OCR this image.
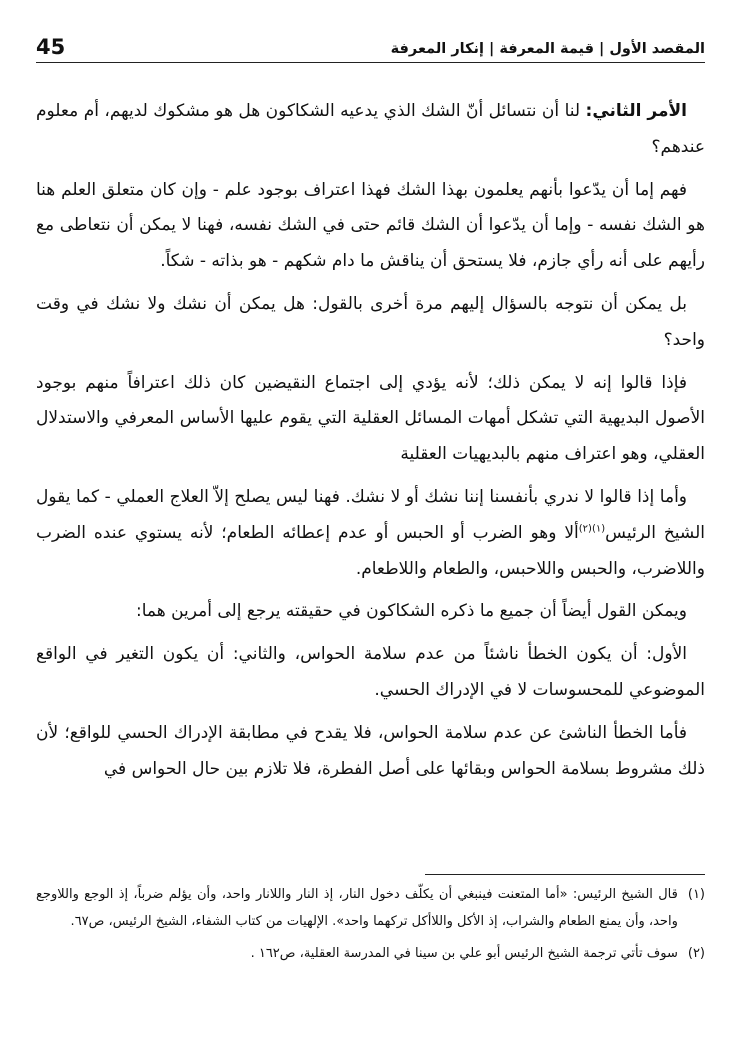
45	المقصد الأول | قيمة المعرفة | إنكار المعرفة

الأمر الثاني: لنا أن نتسائل أنّ الشك الذي يدعيه الشكاكون هل هو مشكوك لديهم، أم معلوم عندهم؟

فهم إما أن يدّعوا بأنهم يعلمون بهذا الشك فهذا اعتراف بوجود علم - وإن كان متعلق العلم هنا هو الشك نفسه - وإما أن يدّعوا أن الشك قائم حتى في الشك نفسه، فهنا لا يمكن أن نتعاطى مع رأيهم على أنه رأي جازم، فلا يستحق أن يناقش ما دام شكهم - هو بذاته - شكاً.

بل يمكن أن نتوجه بالسؤال إليهم مرة أخرى بالقول: هل يمكن أن نشك ولا نشك في وقت واحد؟

فإذا قالوا إنه لا يمكن ذلك؛ لأنه يؤدي إلى اجتماع النقيضين كان ذلك اعترافاً منهم بوجود الأصول البديهية التي تشكل أمهات المسائل العقلية التي يقوم عليها الأساس المعرفي والاستدلال العقلي، وهو اعتراف منهم بالبديهيات العقلية

وأما إذا قالوا لا ندري بأنفسنا إننا نشك أو لا نشك. فهنا ليس يصلح إلاّ العلاج العملي - كما يقول الشيخ الرئيس$^{(١)(٢)}$ألا وهو الضرب أو الحبس أو عدم إعطائه الطعام؛ لأنه يستوي عنده الضرب واللاضرب، والحبس واللاحبس، والطعام واللاطعام.

ويمكن القول أيضاً أن جميع ما ذكره الشكاكون في حقيقته يرجع إلى أمرين هما:

الأول: أن يكون الخطأ ناشئاً من عدم سلامة الحواس، والثاني: أن يكون التغير في الواقع الموضوعي للمحسوسات لا في الإدراك الحسي.

فأما الخطأ الناشئ عن عدم سلامة الحواس، فلا يقدح في مطابقة الإدراك الحسي للواقع؛ لأن ذلك مشروط بسلامة الحواس وبقائها على أصل الفطرة، فلا تلازم بين حال الحواس في

(١)
قال الشيخ الرئيس: «أما المتعنت فينبغي أن يكلّف دخول النار، إذ النار واللانار واحد، وأن يؤلم ضرباً، إذ الوجع واللاوجع واحد، وأن يمنع الطعام والشراب، إذ الأكل واللاأكل تركهما واحد». الإلهيات من كتاب الشفاء، الشيخ الرئيس، ص٦٧.
(٢)
سوف تأتي ترجمة الشيخ الرئيس أبو علي بن سينا في المدرسة العقلية، ص١٦٢ .
